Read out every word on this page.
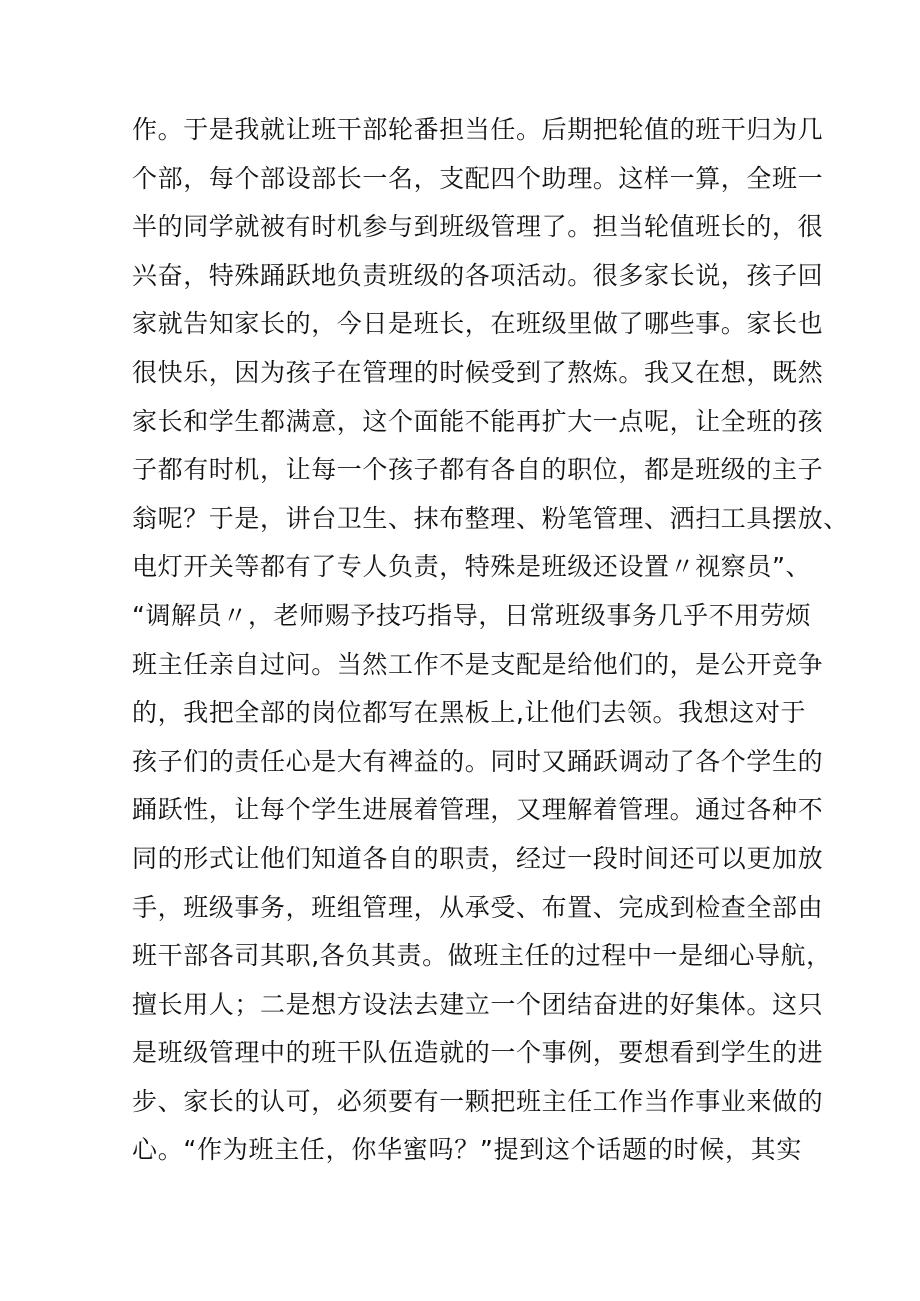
作。于是我就让班干部轮番担当任。后期把轮值的班干归为几
个部，每个部设部长一名，支配四个助理。这样一算，全班一
半的同学就被有时机参与到班级管理了。担当轮值班长的，很
兴奋，特殊踊跃地负责班级的各项活动。很多家长说，孩子回
家就告知家长的，今日是班长，在班级里做了哪些事。家长也
很快乐，因为孩子在管理的时候受到了熬炼。我又在想，既然
家长和学生都满意，这个面能不能再扩大一点呢，让全班的孩
子都有时机，让每一个孩子都有各自的职位，都是班级的主子
翁呢？于是，讲台卫生、抹布整理、粉笔管理、洒扫工具摆放、
电灯开关等都有了专人负责，特殊是班级还设置〃视察员”、
“调解员〃，老师赐予技巧指导，日常班级事务几乎不用劳烦
班主任亲自过问。当然工作不是支配是给他们的，是公开竞争
的，我把全部的岗位都写在黑板上,让他们去领。我想这对于
孩子们的责任心是大有裨益的。同时又踊跃调动了各个学生的
踊跃性，让每个学生进展着管理，又理解着管理。通过各种不
同的形式让他们知道各自的职责，经过一段时间还可以更加放
手，班级事务，班组管理，从承受、布置、完成到检查全部由
班干部各司其职,各负其责。做班主任的过程中一是细心导航，
擅长用人；二是想方设法去建立一个团结奋进的好集体。这只
是班级管理中的班干队伍造就的一个事例，要想看到学生的进
步、家长的认可，必须要有一颗把班主任工作当作事业来做的
心。“作为班主任，你华蜜吗？”提到这个话题的时候，其实
